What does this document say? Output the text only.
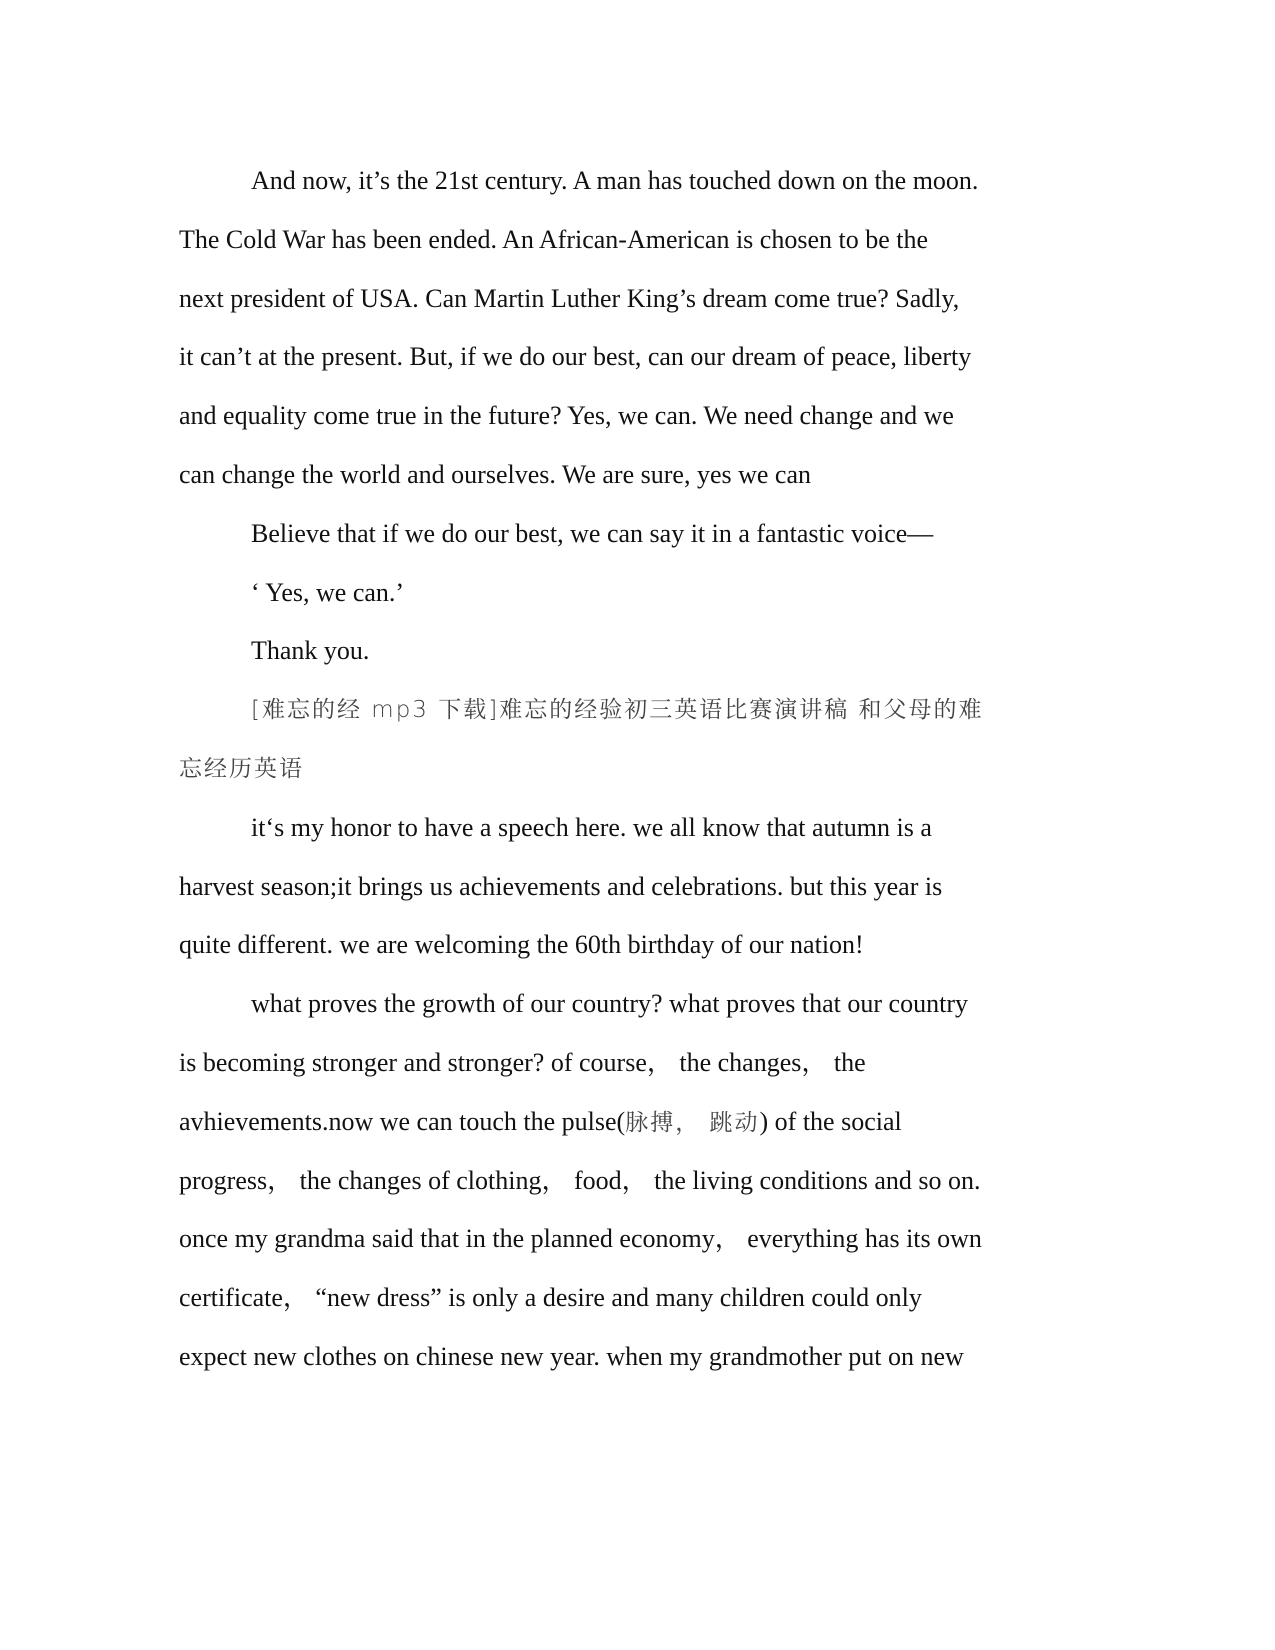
And now, it’s the 21st century. A man has touched down on the moon.
The Cold War has been ended. An African-American is chosen to be the
next president of USA. Can Martin Luther King’s dream come true? Sadly,
it can’t at the present. But, if we do our best, can our dream of peace, liberty
and equality come true in the future? Yes, we can. We need change and we
can change the world and ourselves. We are sure, yes we can
Believe that if we do our best, we can say it in a fantastic voice—
‘ Yes, we can.’
Thank you.
[难忘的经 mp3 下载]难忘的经验初三英语比赛演讲稿 和父母的难
忘经历英语
it‘s my honor to have a speech here. we all know that autumn is a
harvest season;it brings us achievements and celebrations. but this year is
quite different. we are welcoming the 60th birthday of our nation!
what proves the growth of our country? what proves that our country
is becoming stronger and stronger? of course， the changes， the
avhievements.now we can touch the pulse(脉搏， 跳动) of the social
progress， the changes of clothing， food， the living conditions and so on.
once my grandma said that in the planned economy， everything has its own
certificate， “new dress” is only a desire and many children could only
expect new clothes on chinese new year. when my grandmother put on new
